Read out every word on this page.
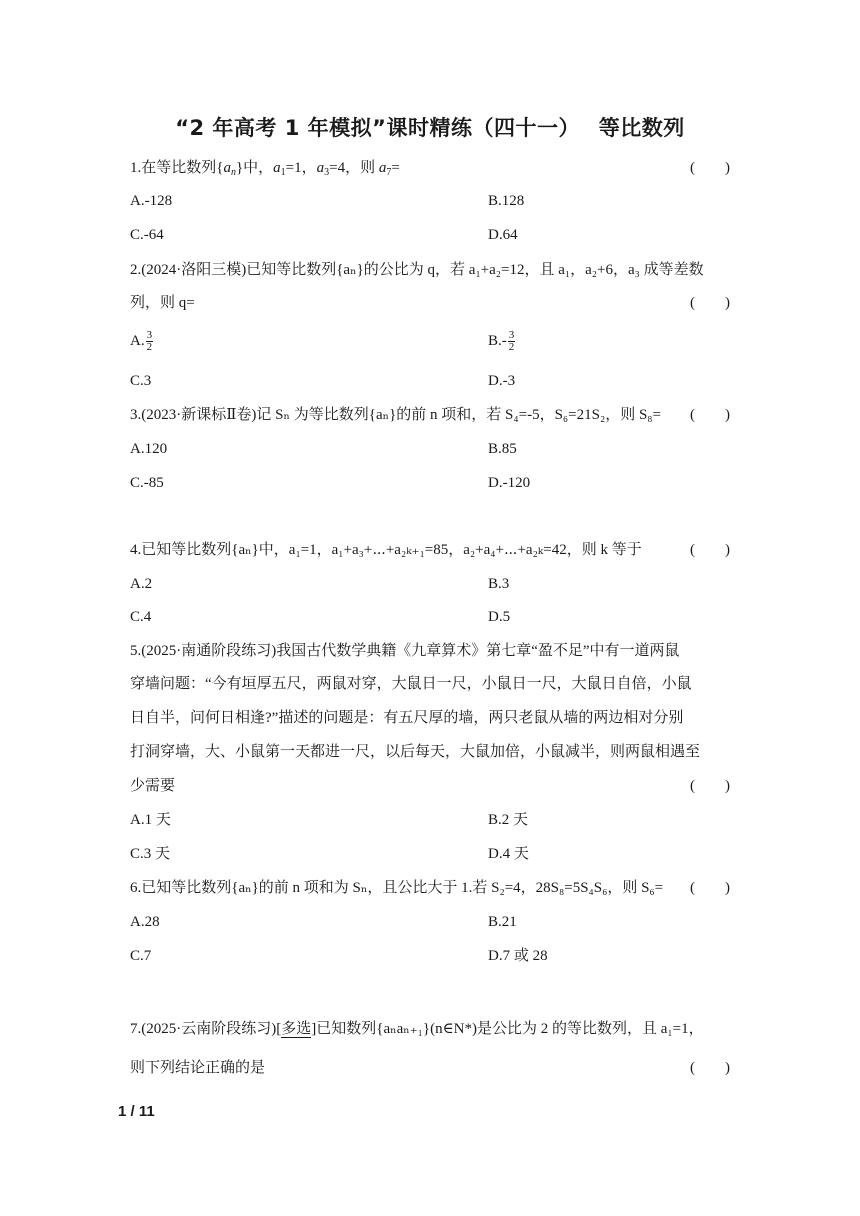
“2 年高考 1 年模拟”课时精练（四十一）　 等比数列
1.在等比数列$\{a_n\}$中，$a_1=1$，$a_3=4$，则 $a_7=$	(　　)
A.-128	B.128
C.-64	D.64
2.(2024·洛阳三模)已知等比数列{aₙ}的公比为 q，若 a₁+a₂=12，且 a₁，a₂+6，a₃ 成等差数
列，则 q=	(　　)
A. $\frac{3}{2}$	$B.- \frac{3}{2}$
C.3	D.-3
3.(2023·新课标Ⅱ卷)记 Sₙ 为等比数列{aₙ}的前 n 项和，若 S₄=-5，S₆=21S₂，则 S₈=	(　　)
A.120	B.85
C.-85	D.-120
4.已知等比数列{aₙ}中，a₁=1，a₁+a₃+⋯+a₂ₖ₊₁=85，a₂+a₄+⋯+a₂ₖ=42，则 k 等于	(　　)
A.2	B.3
C.4	D.5
5.(2025·南通阶段练习)我国古代数学典籍《九章算术》第七章“盈不足”中有一道两鼠
穿墙问题：“今有垣厚五尺，两鼠对穿，大鼠日一尺，小鼠日一尺，大鼠日自倍，小鼠
日自半，问何日相逢?”描述的问题是：有五尺厚的墙，两只老鼠从墙的两边相对分别
打洞穿墙，大、小鼠第一天都进一尺，以后每天，大鼠加倍，小鼠减半，则两鼠相遇至
少需要	(　　)
A.1 天	B.2 天
C.3 天	D.4 天
6.已知等比数列{aₙ}的前 n 项和为 Sₙ，且公比大于 1.若 S₂=4，28S₈=5S₄S₆，则 S₆=	(　　)
A.28	B.21
C.7	D.7 或 28
7.(2025·云南阶段练习)[多选]已知数列{aₙaₙ₊₁}(n∈N*)是公比为 2 的等比数列，且 a₁=1，
则下列结论正确的是	(　　)
1 / 11
